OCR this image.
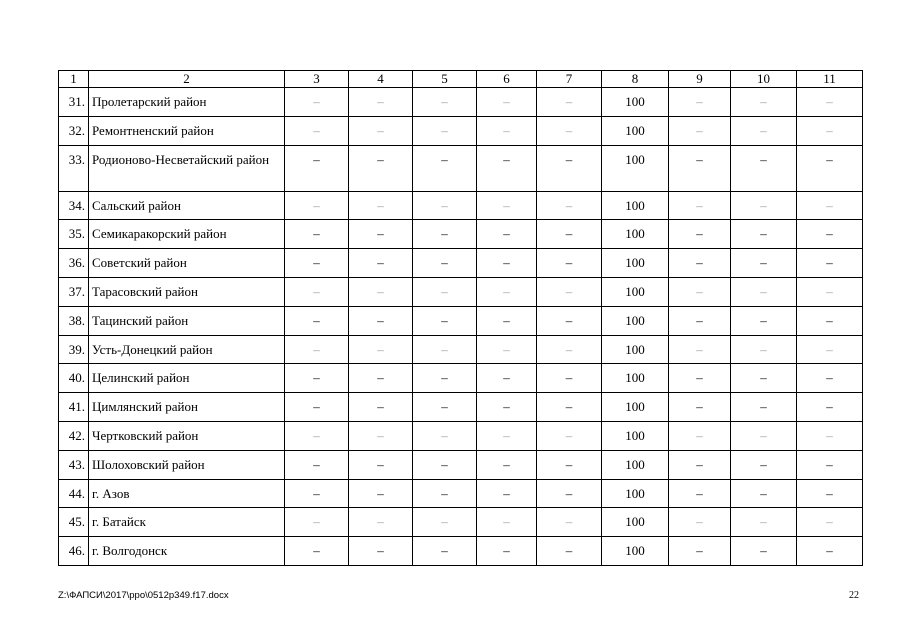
1	2	3	4	5	6	7	8	9	10	11
31.	Пролетарский район	–	–	–	–	–	100	–	–	–
32.	Ремонтненский район	–	–	–	–	–	100	–	–	–
33.	Родионово-Несветайский район	–	–	–	–	–	100	–	–	–
34.	Сальский район	–	–	–	–	–	100	–	–	–
35.	Семикаракорский район	–	–	–	–	–	100	–	–	–
36.	Советский район	–	–	–	–	–	100	–	–	–
37.	Тарасовский район	–	–	–	–	–	100	–	–	–
38.	Тацинский район	–	–	–	–	–	100	–	–	–
39.	Усть-Донецкий район	–	–	–	–	–	100	–	–	–
40.	Целинский район	–	–	–	–	–	100	–	–	–
41.	Цимлянский район	–	–	–	–	–	100	–	–	–
42.	Чертковский район	–	–	–	–	–	100	–	–	–
43.	Шолоховский район	–	–	–	–	–	100	–	–	–
44.	г. Азов	–	–	–	–	–	100	–	–	–
45.	г. Батайск	–	–	–	–	–	100	–	–	–
46.	г. Волгодонск	–	–	–	–	–	100	–	–	–
Z:\ФАПСИ\2017\ppo\0512p349.f17.docx	22
